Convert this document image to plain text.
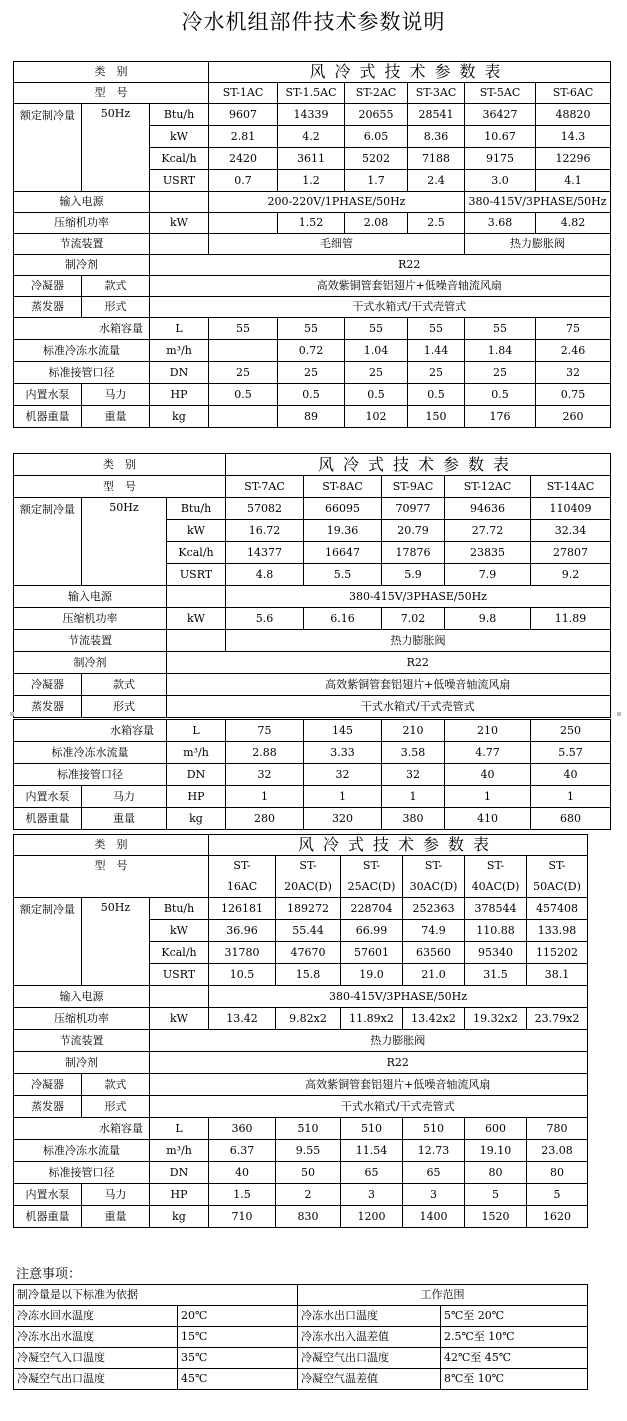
冷水机组部件技术参数说明
类　别			风冷式技术参数表					
型　号			ST-1AC	ST-1.5AC	ST-2AC	ST-3AC	ST-5AC	ST-6AC
额定制冷量	50Hz	Btu/h	9607	14339	20655	28541	36427	48820
		kW	2.81	4.2	6.05	8.36	10.67	14.3
		Kcal/h	2420	3611	5202	7188	9175	12296
		USRT	0.7	1.2	1.7	2.4	3.0	4.1
输入电源			200-220V/1PHASE/50Hz				380-415V/3PHASE/50Hz	
压缩机功率		kW		1.52	2.08	2.5	3.68	4.82
节流装置			毛细管				热力膨胀阀	
制冷剂			R22					
冷凝器	款式		高效紫铜管套铝翅片+低噪音轴流风扇					
蒸发器	形式		干式水箱式/干式壳管式					
水箱容量		L	55	55	55	55	55	75
标准冷冻水流量		m³/h		0.72	1.04	1.44	1.84	2.46
标准接管口径		DN	25	25	25	25	25	32
内置水泵	马力	HP	0.5	0.5	0.5	0.5	0.5	0.75
机器重量	重量	kg		89	102	150	176	260
类　别			风冷式技术参数表				
型　号			ST-7AC	ST-8AC	ST-9AC	ST-12AC	ST-14AC
额定制冷量	50Hz	Btu/h	57082	66095	70977	94636	110409
		kW	16.72	19.36	20.79	27.72	32.34
		Kcal/h	14377	16647	17876	23835	27807
		USRT	4.8	5.5	5.9	7.9	9.2
输入电源			380-415V/3PHASE/50Hz				
压缩机功率		kW	5.6	6.16	7.02	9.8	11.89
节流装置			热力膨胀阀				
制冷剂			R22				
冷凝器	款式		高效紫铜管套铝翅片+低噪音轴流风扇				
蒸发器	形式		干式水箱式/干式壳管式				
水箱容量		L	75	145	210	210	250
标准冷冻水流量		m³/h	2.88	3.33	3.58	4.77	5.57
标准接管口径		DN	32	32	32	40	40
内置水泵	马力	HP	1	1	1	1	1
机器重量	重量	kg	280	320	380	410	680
类　别			风冷式技术参数表					
型　号			ST-	ST-	ST-	ST-	ST-	ST-
			16AC	20AC(D)	25AC(D)	30AC(D)	40AC(D)	50AC(D)
额定制冷量	50Hz	Btu/h	126181	189272	228704	252363	378544	457408
		kW	36.96	55.44	66.99	74.9	110.88	133.98
		Kcal/h	31780	47670	57601	63560	95340	115202
		USRT	10.5	15.8	19.0	21.0	31.5	38.1
输入电源			380-415V/3PHASE/50Hz					
压缩机功率		kW	13.42	9.82x2	11.89x2	13.42x2	19.32x2	23.79x2
节流装置			热力膨胀阀					
制冷剂			R22					
冷凝器	款式		高效紫铜管套铝翅片+低噪音轴流风扇					
蒸发器	形式		干式水箱式/干式壳管式					
水箱容量		L	360	510	510	510	600	780
标准冷冻水流量		m³/h	6.37	9.55	11.54	12.73	19.10	23.08
标准接管口径		DN	40	50	65	65	80	80
内置水泵	马力	HP	1.5	2	3	3	5	5
机器重量	重量	kg	710	830	1200	1400	1520	1620
注意事项：
制冷量是以下标准为依据		工作范围	
冷冻水回水温度	20℃	冷冻水出口温度	5℃至 20℃
冷冻水出水温度	15℃	冷冻水出入温差值	2.5℃至 10℃
冷凝空气入口温度	35℃	冷凝空气出口温度	42℃至 45℃
冷凝空气出口温度	45℃	冷凝空气温差值	8℃至 10℃
